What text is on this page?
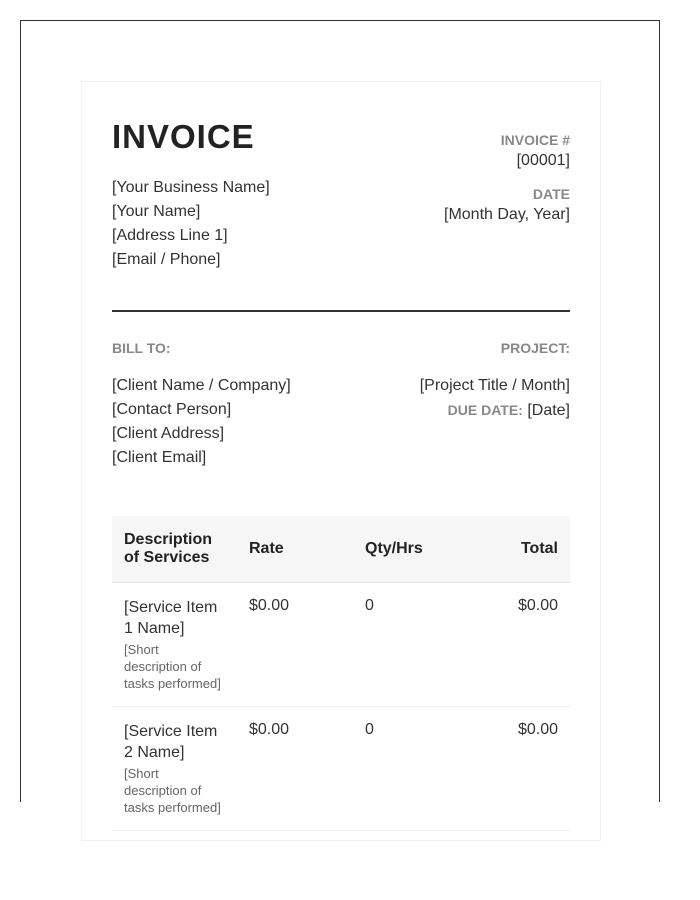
INVOICE
[Your Business Name]
[Your Name]
[Address Line 1]
[Email / Phone]
INVOICE #
[00001]
DATE
[Month Day, Year]
BILL TO:
[Client Name / Company]
[Contact Person]
[Client Address]
[Client Email]
PROJECT:
[Project Title / Month]
DUE DATE: [Date]
Description of Services	Rate	Qty/Hrs	Total

[Service Item 1 Name]
[Short description of tasks performed]	$0.00	0	$0.00

[Service Item 2 Name]
[Short description of tasks performed]	$0.00	0	$0.00
